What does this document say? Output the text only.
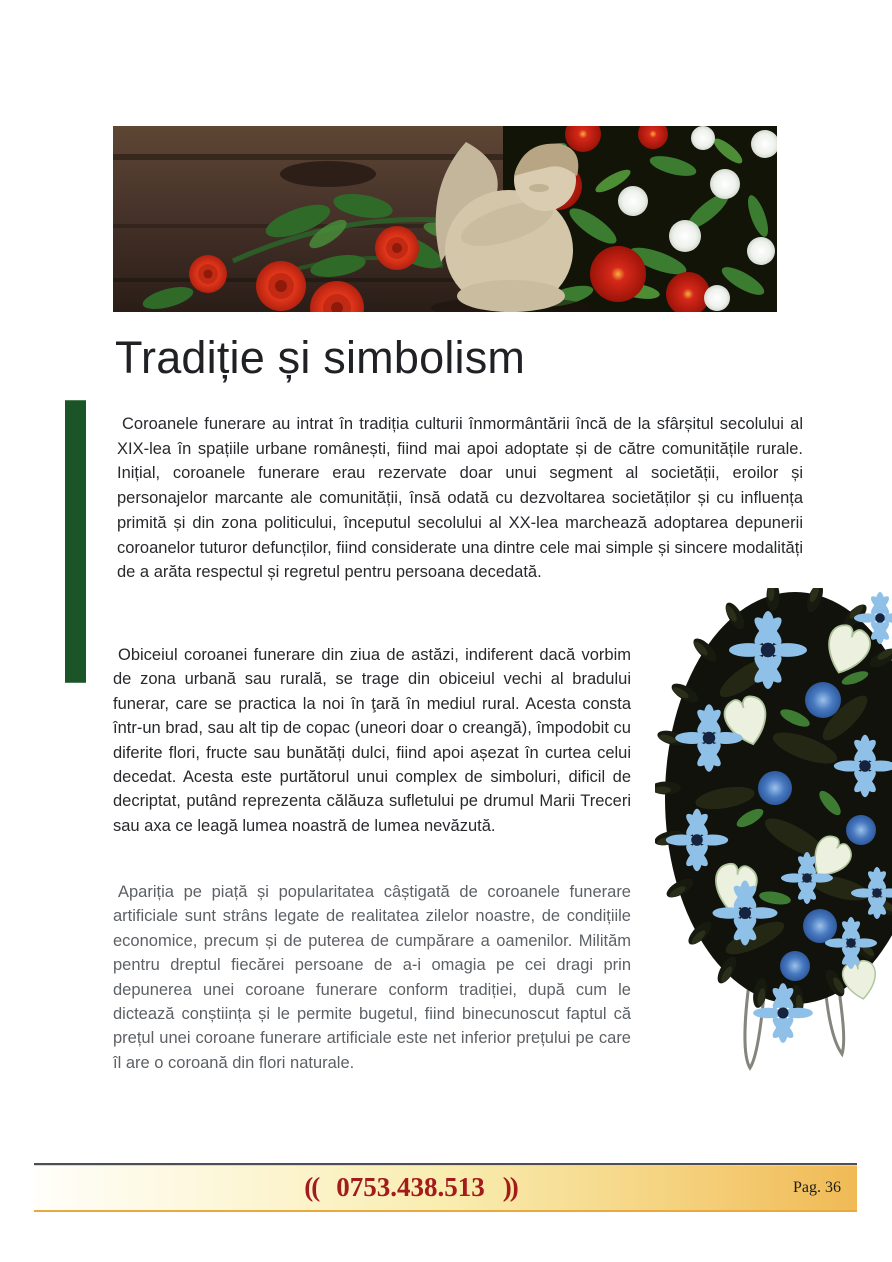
Tradiție și simbolism

Coroanele funerare au intrat în tradiția culturii înmormântării încă de la sfârșitul secolului al XIX-lea în spațiile urbane românești, fiind mai apoi adoptate și de către comunitățile rurale. Inițial, coroanele funerare erau rezervate doar unui segment al societății, eroilor și personajelor marcante ale comunității, însă odată cu dezvoltarea societăților și cu influența primită și din zona politicului, începutul secolului al XX-lea marchează adoptarea depunerii coroanelor tuturor defuncților, fiind considerate una dintre cele mai simple și sincere modalități de a arăta respectul și regretul pentru persoana decedată.

Obiceiul coroanei funerare din ziua de astăzi, indiferent dacă vorbim de zona urbană sau rurală, se trage din obiceiul vechi al bradului funerar, care se practica la noi în ţară în mediul rural. Acesta consta într-un brad, sau alt tip de copac (uneori doar o creangă), împodobit cu diferite flori, fructe sau bunătăți dulci, fiind apoi așezat în curtea celui decedat. Acesta este purtătorul unui complex de simboluri, dificil de decriptat, putând reprezenta călăuza sufletului pe drumul Marii Treceri sau axa ce leagă lumea noastră de lumea nevăzută.

Apariția pe piață și popularitatea câștigată de coroanele funerare artificiale sunt strâns legate de realitatea zilelor noastre, de condițiile economice, precum și de puterea de cumpărare a oamenilor. Milităm pentru dreptul fiecărei persoane de a-i omagia pe cei dragi prin depunerea unei coroane funerare conform tradiției, după cum le dictează conștiința și le permite bugetul, fiind binecunoscut faptul că prețul unei coroane funerare artificiale este net inferior prețului pe care îl are o coroană din flori naturale.

(( 0753.438.513 ))	Pag. 36
